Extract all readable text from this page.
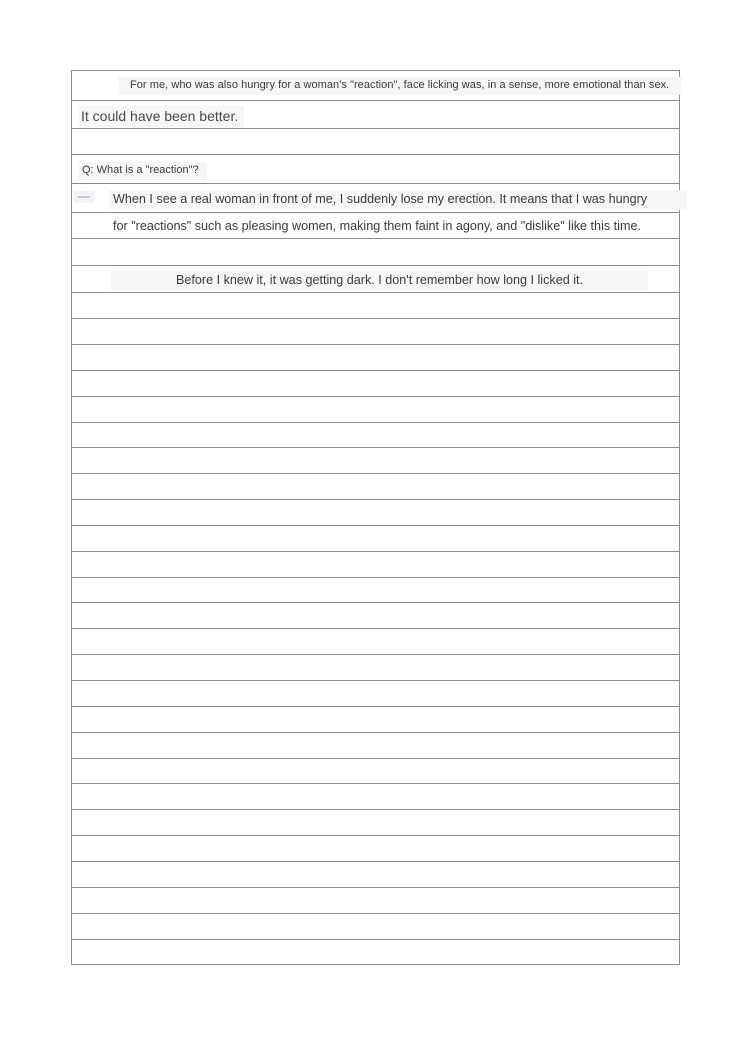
For me, who was also hungry for a woman's "reaction", face licking was, in a sense, more emotional than sex.
It could have been better.
Q: What is a "reaction"?
answer	When I see a real woman in front of me, I suddenly lose my erection. It means that I was hungry
for "reactions" such as pleasing women, making them faint in agony, and "dislike" like this time.
Before I knew it, it was getting dark. I don't remember how long I licked it.
